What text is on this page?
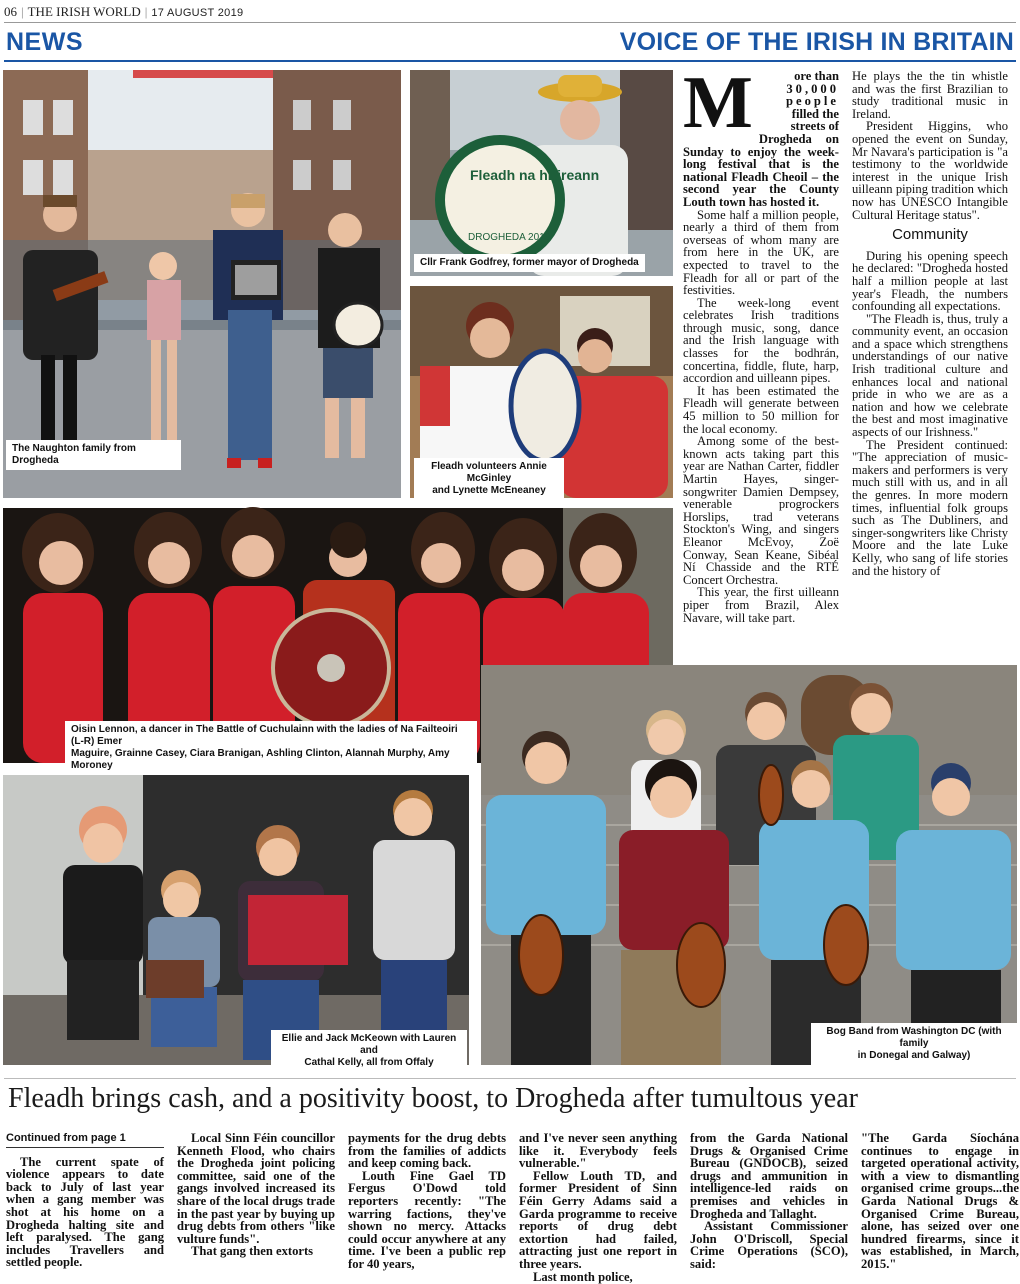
06 | THE IRISH WORLD | 17 AUGUST 2019
NEWS	VOICE OF THE IRISH IN BRITAIN
The Naughton family from Drogheda
Fleadh na hÉireann
DROGHEDA 2019
Cllr Frank Godfrey, former mayor of Drogheda
Fleadh volunteers Annie McGinley
and Lynette McEneaney
Oisin Lennon, a dancer in The Battle of Cuchulainn with the ladies of Na Failteoiri (L-R) Emer
Maguire, Grainne Casey, Ciara Branigan, Ashling Clinton, Alannah Murphy, Amy Moroney
Ellie and Jack McKeown with Lauren and
Cathal Kelly, all from Offaly
Bog Band from Washington DC (with family
in Donegal and Galway)

M	ore than
30,000
people
filled the
streets of
Drogheda on Sunday to enjoy the week-long festival that is the national Fleadh Cheoil – the second year the County Louth town has hosted it.

Some half a million people, nearly a third of them from overseas of whom many are from here in the UK, are expected to travel to the Fleadh for all or part of the festivities.

The week-long event celebrates Irish traditions through music, song, dance and the Irish language with classes for the bodhrán, concertina, fiddle, flute, harp, accordion and uilleann pipes.

It has been estimated the Fleadh will generate between 45 million to 50 million for the local economy.

Among some of the best-known acts taking part this year are Nathan Carter, fiddler Martin Hayes, singer-songwriter Damien Dempsey, venerable progrockers Horslips, trad veterans Stockton's Wing, and singers Eleanor McEvoy, Zoë Conway, Sean Keane, Sibéal Ní Chasside and the RTÉ Concert Orchestra.

This year, the first uilleann piper from Brazil, Alex Navare, will take part.

He plays the the tin whistle and was the first Brazilian to study traditional music in Ireland.

President Higgins, who opened the event on Sunday, Mr Navara's participation is "a testimony to the worldwide interest in the unique Irish uilleann piping tradition which now has UNESCO Intangible Cultural Heritage status".

Community

During his opening speech he declared: "Drogheda hosted half a million people at last year's Fleadh, the numbers confounding all expectations.

"The Fleadh is, thus, truly a community event, an occasion and a space which strengthens understandings of our native Irish traditional culture and enhances local and national pride in who we are as a nation and how we celebrate the best and most imaginative aspects of our Irishness."

The President continued: "The appreciation of music-makers and performers is very much still with us, and in all the genres. In more modern times, influential folk groups such as The Dubliners, and singer-songwriters like Christy Moore and the late Luke Kelly, who sang of life stories and the history of

Fleadh brings cash, and a positivity boost, to Drogheda after tumultous year
Continued from page 1

The current spate of violence appears to date back to July of last year when a gang member was shot at his home on a Drogheda halting site and left paralysed. The gang includes Travellers and settled people.

Local Sinn Féin councillor Kenneth Flood, who chairs the Drogheda joint policing committee, said one of the gangs involved increased its share of the local drugs trade in the past year by buying up drug debts from others "like vulture funds".

That gang then extorts

payments for the drug debts from the families of addicts and keep coming back.

Louth Fine Gael TD Fergus O'Dowd told reporters recently: "The warring factions, they've shown no mercy. Attacks could occur anywhere at any time. I've been a public rep for 40 years,

and I've never seen anything like it. Everybody feels vulnerable."

Fellow Louth TD, and former President of Sinn Féin Gerry Adams said a Garda programme to receive reports of drug debt extortion had failed, attracting just one report in three years.

Last month police,

from the Garda National Drugs & Organised Crime Bureau (GNDOCB), seized drugs and ammunition in intelligence-led raids on premises and vehicles in Drogheda and Tallaght.

Assistant Commissioner John O'Driscoll, Special Crime Operations (SCO), said:

"The Garda Síochána continues to engage in targeted operational activity, with a view to dismantling organised crime groups...the Garda National Drugs & Organised Crime Bureau, alone, has seized over one hundred firearms, since it was established, in March, 2015."
